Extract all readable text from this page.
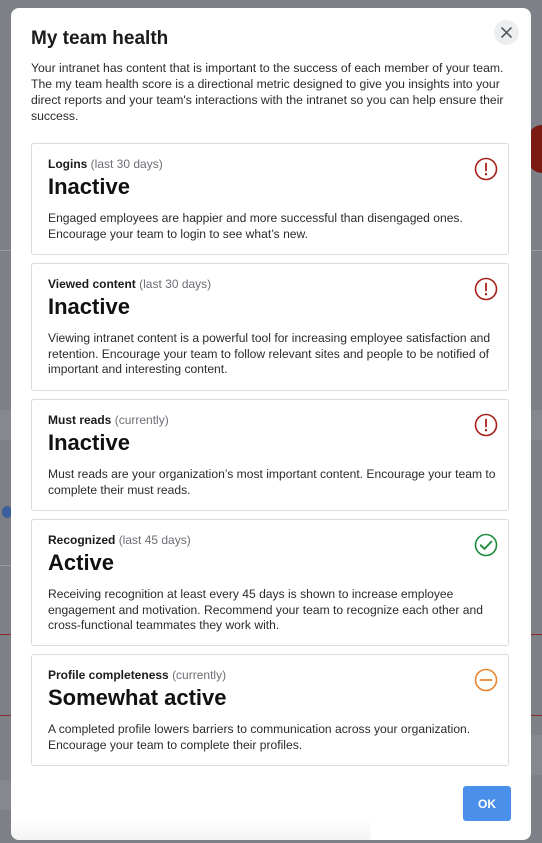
My team health

Your intranet has content that is important to the success of each member of your team. The my team health score is a directional metric designed to give you insights into your direct reports and your team's interactions with the intranet so you can help ensure their success.

Logins (last 30 days)
Inactive

Engaged employees are happier and more successful than disengaged ones. Encourage your team to login to see what’s new.

Viewed content (last 30 days)
Inactive

Viewing intranet content is a powerful tool for increasing employee satisfaction and retention. Encourage your team to follow relevant sites and people to be notified of important and interesting content.

Must reads (currently)
Inactive

Must reads are your organization’s most important content. Encourage your team to complete their must reads.

Recognized (last 45 days)
Active

Receiving recognition at least every 45 days is shown to increase employee engagement and motivation. Recommend your team to recognize each other and cross-functional teammates they work with.

Profile completeness (currently)
Somewhat active

A completed profile lowers barriers to communication across your organization. Encourage your team to complete their profiles.

OK
